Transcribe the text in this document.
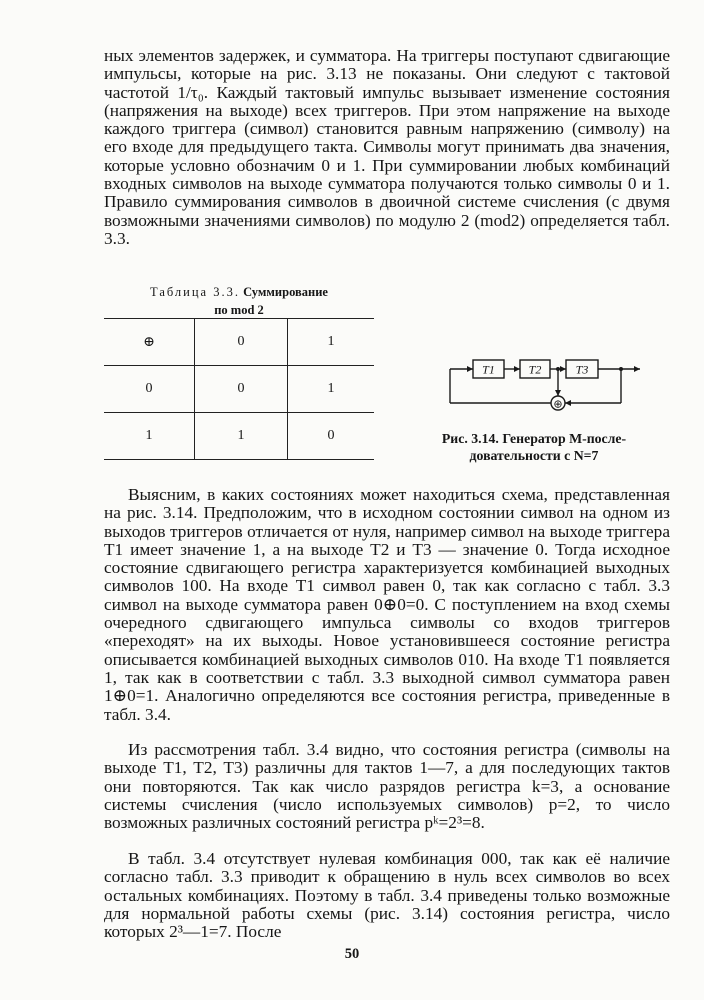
ных элементов задержек, и сумматора. На триггеры поступают сдвигающие импульсы, которые на рис. 3.13 не показаны. Они следуют с тактовой частотой 1/τ₀. Каждый тактовый импульс вызывает изменение состояния (напряжения на выходе) всех триггеров. При этом напряжение на выходе каждого триггера (символ) становится равным напряжению (символу) на его входе для предыдущего такта. Символы могут принимать два значения, которые условно обозначим 0 и 1. При суммировании любых комбинаций входных символов на выходе сумматора получаются только символы 0 и 1. Правило суммирования символов в двоичной системе счисления (с двумя возможными значениями символов) по модулю 2 (mod2) определяется табл. 3.3.

Таблица 3.3. Суммирование
по mod 2
⊕	0	1
0	0	1
1	1	0
T1	T2	T3
⊕
Рис. 3.14. Генератор M-после-
довательности с N=7

Выясним, в каких состояниях может находиться схема, представленная на рис. 3.14. Предположим, что в исходном состоянии символ на одном из выходов триггеров отличается от нуля, например символ на выходе триггера T1 имеет значение 1, а на выходе T2 и T3 — значение 0. Тогда исходное состояние сдвигающего регистра характеризуется комбинацией выходных символов 100. На входе T1 символ равен 0, так как согласно с табл. 3.3 символ на выходе сумматора равен 0⊕0=0. С поступлением на вход схемы очередного сдвигающего импульса символы со входов триггеров «переходят» на их выходы. Новое установившееся состояние регистра описывается комбинацией выходных символов 010. На входе T1 появляется 1, так как в соответствии с табл. 3.3 выходной символ сумматора равен 1⊕0=1. Аналогично определяются все состояния регистра, приведенные в табл. 3.4.

Из рассмотрения табл. 3.4 видно, что состояния регистра (символы на выходе T1, T2, T3) различны для тактов 1—7, а для последующих тактов они повторяются. Так как число разрядов регистра k=3, а основание системы счисления (число используемых символов) p=2, то число возможных различных состояний регистра pᵏ=2³=8.

В табл. 3.4 отсутствует нулевая комбинация 000, так как её наличие согласно табл. 3.3 приводит к обращению в нуль всех символов во всех остальных комбинациях. Поэтому в табл. 3.4 приведены только возможные для нормальной работы схемы (рис. 3.14) состояния регистра, число которых 2³—1=7. После

50
